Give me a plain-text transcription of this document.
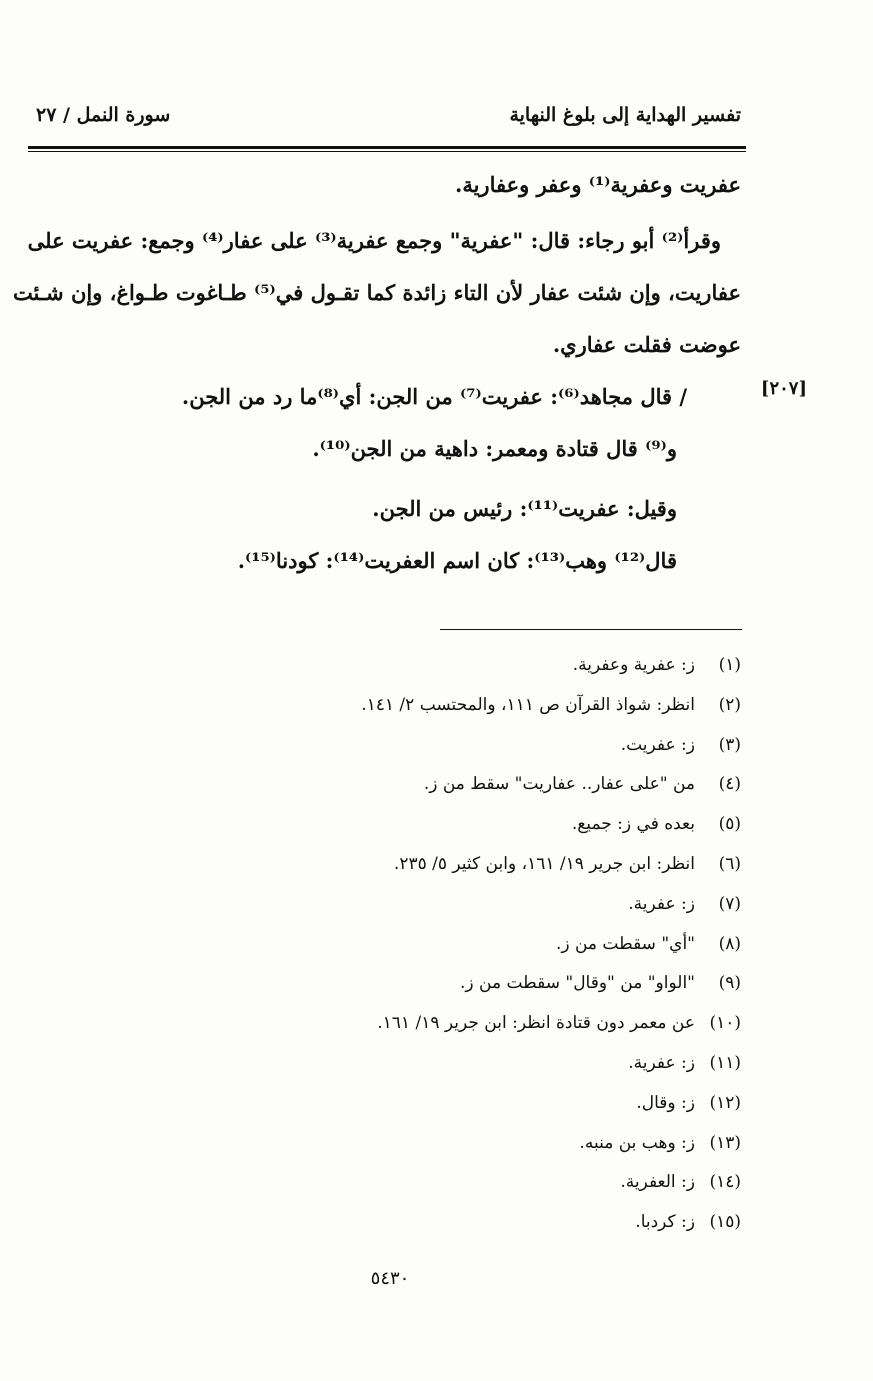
تفسير الهداية إلى بلوغ النهاية
سورة النمل / ٢٧
عفريت وعفرية⁽¹⁾ وعفر وعفارية.
وقرأ⁽²⁾ أبو رجاء: قال: "عفرية" وجمع عفرية⁽³⁾ على عفار⁽⁴⁾ وجمع: عفريت على
عفاريت، وإن شئت عفار لأن التاء زائدة كما تقـول في⁽⁵⁾ طـاغوت طـواغ، وإن شـئت
عوضت فقلت عفاري.
[٢٠٧]
/ قال مجاهد⁽⁶⁾: عفريت⁽⁷⁾ من الجن: أي⁽⁸⁾ما رد من الجن.
و⁽⁹⁾ قال قتادة ومعمر: داهية من الجن⁽¹⁰⁾.
وقيل: عفريت⁽¹¹⁾: رئيس من الجن.
قال⁽¹²⁾ وهب⁽¹³⁾: كان اسم العفريت⁽¹⁴⁾: كودنا⁽¹⁵⁾.
(١)ز: عفرية وعفرية.
(٢)انظر: شواذ القرآن ص ١١١، والمحتسب ٢/ ١٤١.
(٣)ز: عفريت.
(٤)من "على عفار.. عفاريت" سقط من ز.
(٥)بعده في ز: جميع.
(٦)انظر: ابن جرير ١٩/ ١٦١، وابن كثير ٥/ ٢٣٥.
(٧)ز: عفرية.
(٨)"أي" سقطت من ز.
(٩)"الواو" من "وقال" سقطت من ز.
(١٠)عن معمر دون قتادة انظر: ابن جرير ١٩/ ١٦١.
(١١)ز: عفرية.
(١٢)ز: وقال.
(١٣)ز: وهب بن منبه.
(١٤)ز: العفرية.
(١٥)ز: كردبا.
٥٤٣٠
